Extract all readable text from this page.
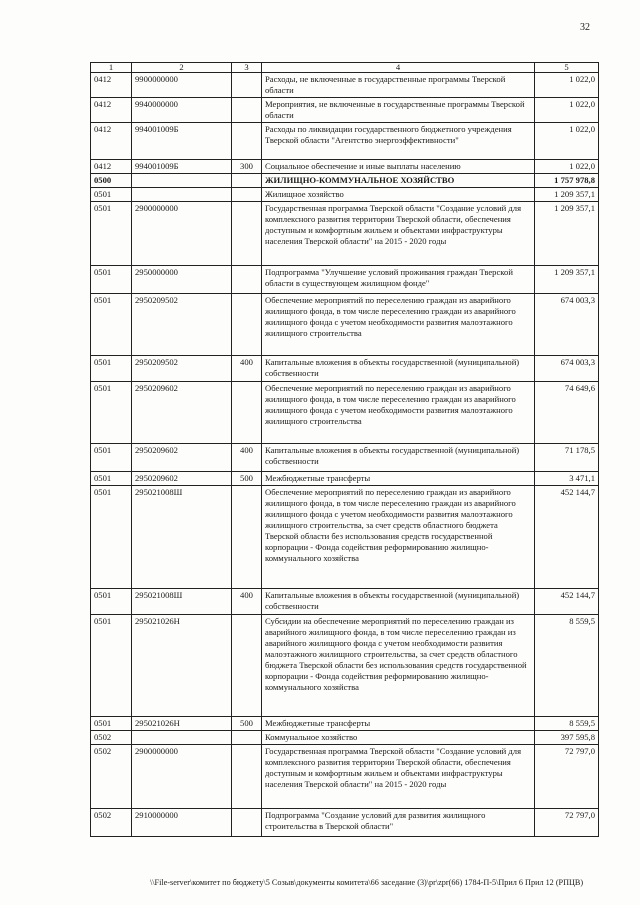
32
1	2	3	4	5
0412	9900000000		Расходы, не включенные в государственные программы Тверской области	1 022,0
0412	9940000000		Мероприятия, не включенные в государственные программы Тверской области	1 022,0
0412	994001009Б		Расходы по ликвидации государственного бюджетного учреждения Тверской области "Агентство энергоэффективности"	1 022,0
0412	994001009Б	300	Социальное обеспечение и иные выплаты населению	1 022,0
0500			ЖИЛИЩНО-КОММУНАЛЬНОЕ ХОЗЯЙСТВО	1 757 978,8
0501			Жилищное хозяйство	1 209 357,1
0501	2900000000		Государственная программа Тверской области "Создание условий для комплексного развития территории Тверской области, обеспечения доступным и комфортным жильем и объектами инфраструктуры населения Тверской области" на 2015 - 2020 годы	1 209 357,1
0501	2950000000		Подпрограмма "Улучшение условий проживания граждан Тверской области в существующем жилищном фонде"	1 209 357,1
0501	2950209502		Обеспечение мероприятий по переселению граждан из аварийного жилищного фонда, в том числе переселению граждан из аварийного жилищного фонда с учетом необходимости развития малоэтажного жилищного строительства	674 003,3
0501	2950209502	400	Капитальные вложения в объекты государственной (муниципальной) собственности	674 003,3
0501	2950209602		Обеспечение мероприятий по переселению граждан из аварийного жилищного фонда, в том числе переселению граждан из аварийного жилищного фонда с учетом необходимости развития малоэтажного жилищного строительства	74 649,6
0501	2950209602	400	Капитальные вложения в объекты государственной (муниципальной) собственности	71 178,5
0501	2950209602	500	Межбюджетные трансферты	3 471,1
0501	295021008Ш		Обеспечение мероприятий по переселению граждан из аварийного жилищного фонда, в том числе переселению граждан из аварийного жилищного фонда с учетом необходимости развития малоэтажного жилищного строительства, за счет средств областного бюджета Тверской области без использования средств государственной корпорации - Фонда содействия реформированию жилищно-коммунального хозяйства	452 144,7
0501	295021008Ш	400	Капитальные вложения в объекты государственной (муниципальной) собственности	452 144,7
0501	295021026Н		Субсидии на обеспечение мероприятий по переселению граждан из аварийного жилищного фонда, в том числе переселению граждан из аварийного жилищного фонда с учетом необходимости развития малоэтажного жилищного строительства, за счет средств областного бюджета Тверской области без использования средств государственной корпорации - Фонда содействия реформированию жилищно-коммунального хозяйства	8 559,5
0501	295021026Н	500	Межбюджетные трансферты	8 559,5
0502			Коммунальное хозяйство	397 595,8
0502	2900000000		Государственная программа Тверской области "Создание условий для комплексного развития территории Тверской области, обеспечения доступным и комфортным жильем и объектами инфраструктуры населения Тверской области" на 2015 - 2020 годы	72 797,0
0502	2910000000		Подпрограмма "Создание условий для развития жилищного строительства в Тверской области"	72 797,0
\\File-server\комитет по бюджету\5 Созыв\документы комитета\66 заседание (3)\pr\zpr(66) 1784-П-5\Прил 6 Прил 12 (РПЦВ)
